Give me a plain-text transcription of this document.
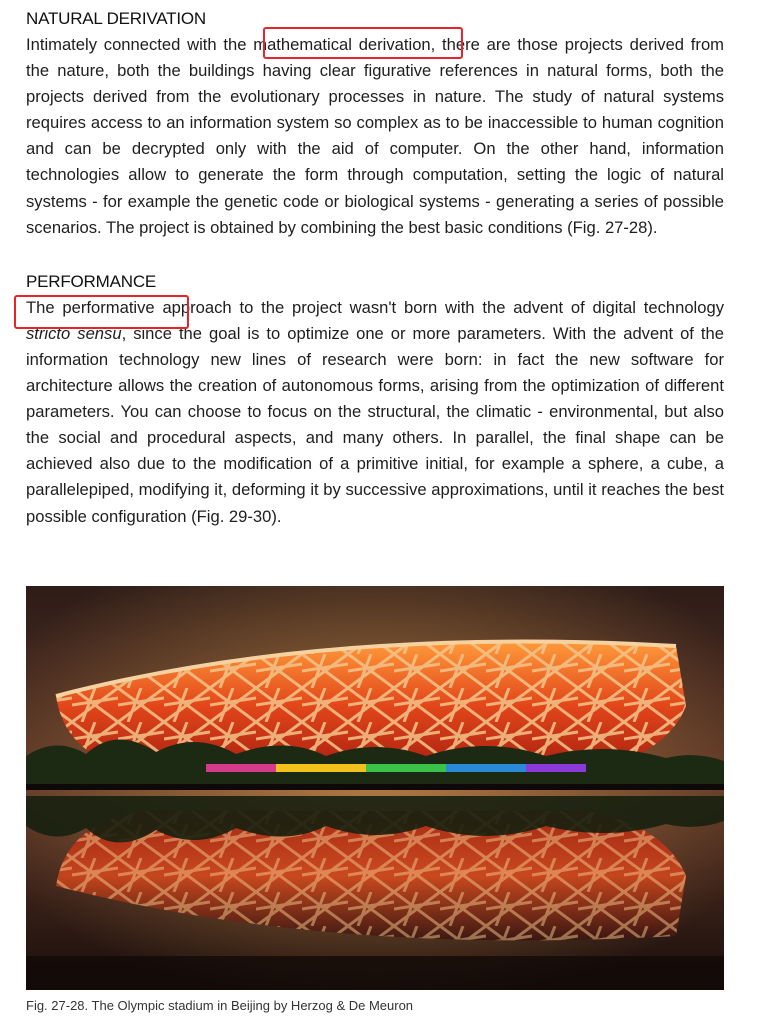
NATURAL DERIVATION

Intimately connected with the mathematical derivation, there are those projects derived from the nature, both the buildings having clear figurative references in natural forms, both the projects derived from the evolutionary processes in nature. The study of natural systems requires access to an information system so complex as to be inaccessible to human cognition and can be decrypted only with the aid of computer. On the other hand, information technologies allow to generate the form through computation, setting the logic of natural systems - for example the genetic code or biological systems - generating a series of possible scenarios. The project is obtained by combining the best basic conditions (Fig. 27-28).

PERFORMANCE

The performative approach to the project wasn't born with the advent of digital technology stricto sensu, since the goal is to optimize one or more parameters. With the advent of the information technology new lines of research were born: in fact the new software for architecture allows the creation of autonomous forms, arising from the optimization of different parameters. You can choose to focus on the structural, the climatic - environmental, but also the social and procedural aspects, and many others. In parallel, the final shape can be achieved also due to the modification of a primitive initial, for example a sphere, a cube, a parallelepiped, modifying it, deforming it by successive approximations, until it reaches the best possible configuration (Fig. 29-30).

Fig. 27-28. The Olympic stadium in Beijing by Herzog & De Meuron
